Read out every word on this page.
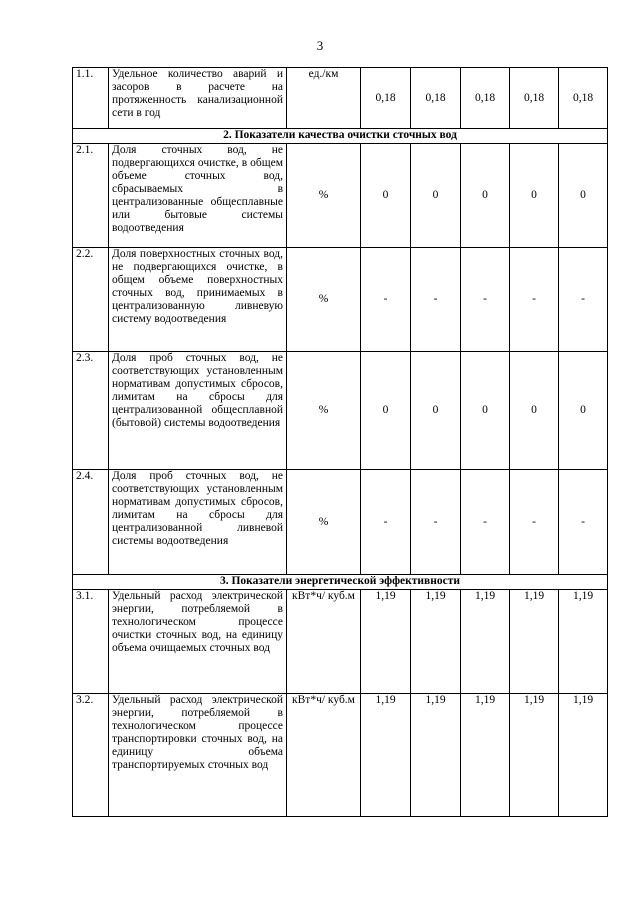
3
1.1.	Удельное количество аварий и засоров в расчете на протяженность канализационной сети в год	ед./км	0,18	0,18	0,18	0,18	0,18
2. Показатели качества очистки сточных вод							
2.1.	Доля сточных вод, не подвергающихся очистке, в общем объеме сточных вод, сбрасываемых в централизованные общесплавные или бытовые системы водоотведения	%	0	0	0	0	0
2.2.	Доля поверхностных сточных вод, не подвергающихся очистке, в общем объеме поверхностных сточных вод, принимаемых в централизованную ливневую систему водоотведения	%	-	-	-	-	-
2.3.	Доля проб сточных вод, не соответствующих установленным нормативам допустимых сбросов, лимитам на сбросы для централизованной общесплавной (бытовой) системы водоотведения	%	0	0	0	0	0
2.4.	Доля проб сточных вод, не соответствующих установленным нормативам допустимых сбросов, лимитам на сбросы для централизованной ливневой системы водоотведения	%	-	-	-	-	-
3. Показатели энергетической эффективности							
3.1.	Удельный расход электрической энергии, потребляемой в технологическом процессе очистки сточных вод, на единицу объема очищаемых сточных вод	кВт*ч/ куб.м	1,19	1,19	1,19	1,19	1,19
3.2.	Удельный расход электрической энергии, потребляемой в технологическом процессе транспортировки сточных вод, на единицу объема транспортируемых сточных вод	кВт*ч/ куб.м	1,19	1,19	1,19	1,19	1,19
